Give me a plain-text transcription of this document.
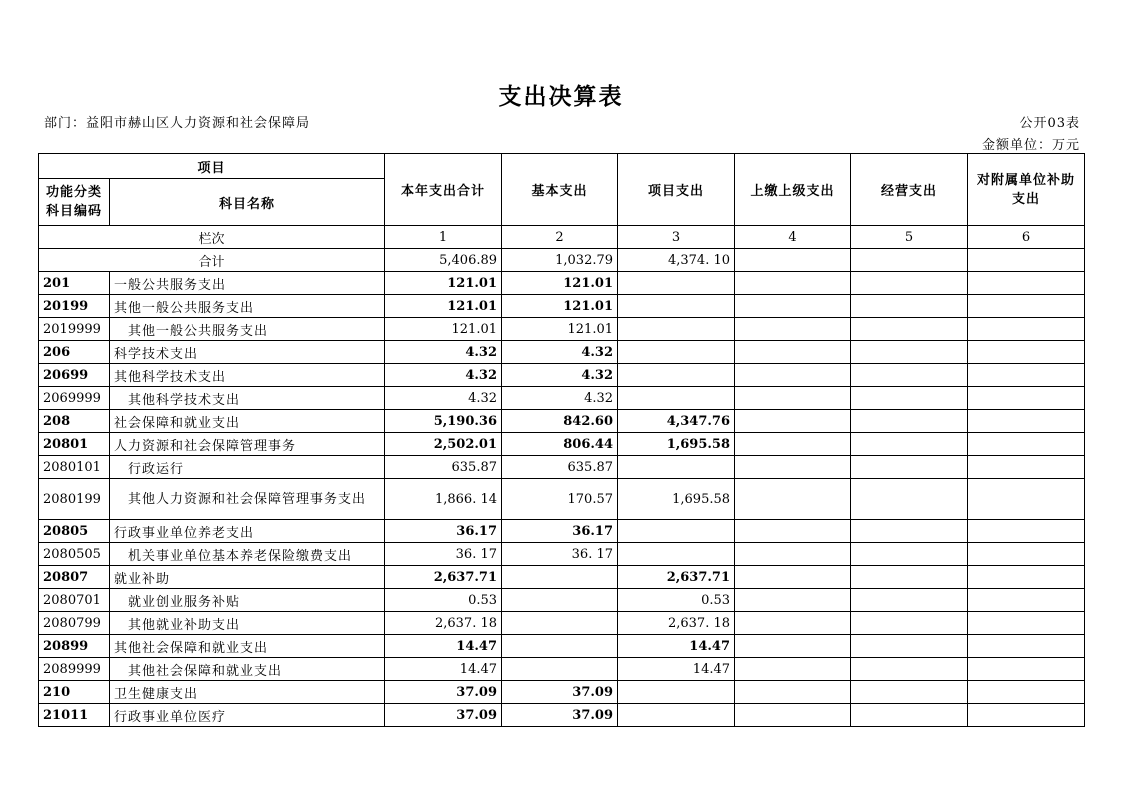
支出决算表
部门：益阳市赫山区人力资源和社会保障局	公开03表
金额单位：万元
项目		本年支出合计	基本支出	项目支出	上缴上级支出	经营支出	对附属单位补助支出
功能分类科目编码	科目名称						
栏次		1	2	3	4	5	6
合计		5,406.89	1,032.79	4,374. 10			
201	一般公共服务支出	121.01	121.01				
20199	其他一般公共服务支出	121.01	121.01				
2019999	其他一般公共服务支出	121.01	121.01				
206	科学技术支出	4.32	4.32				
20699	其他科学技术支出	4.32	4.32				
2069999	其他科学技术支出	4.32	4.32				
208	社会保障和就业支出	5,190.36	842.60	4,347.76			
20801	人力资源和社会保障管理事务	2,502.01	806.44	1,695.58			
2080101	行政运行	635.87	635.87				
2080199	其他人力资源和社会保障管理事务支出	1,866. 14	170.57	1,695.58			
20805	行政事业单位养老支出	36.17	36.17				
2080505	机关事业单位基本养老保险缴费支出	36. 17	36. 17				
20807	就业补助	2,637.71		2,637.71			
2080701	就业创业服务补贴	0.53		0.53			
2080799	其他就业补助支出	2,637. 18		2,637. 18			
20899	其他社会保障和就业支出	14.47		14.47			
2089999	其他社会保障和就业支出	14.47		14.47			
210	卫生健康支出	37.09	37.09				
21011	行政事业单位医疗	37.09	37.09				
